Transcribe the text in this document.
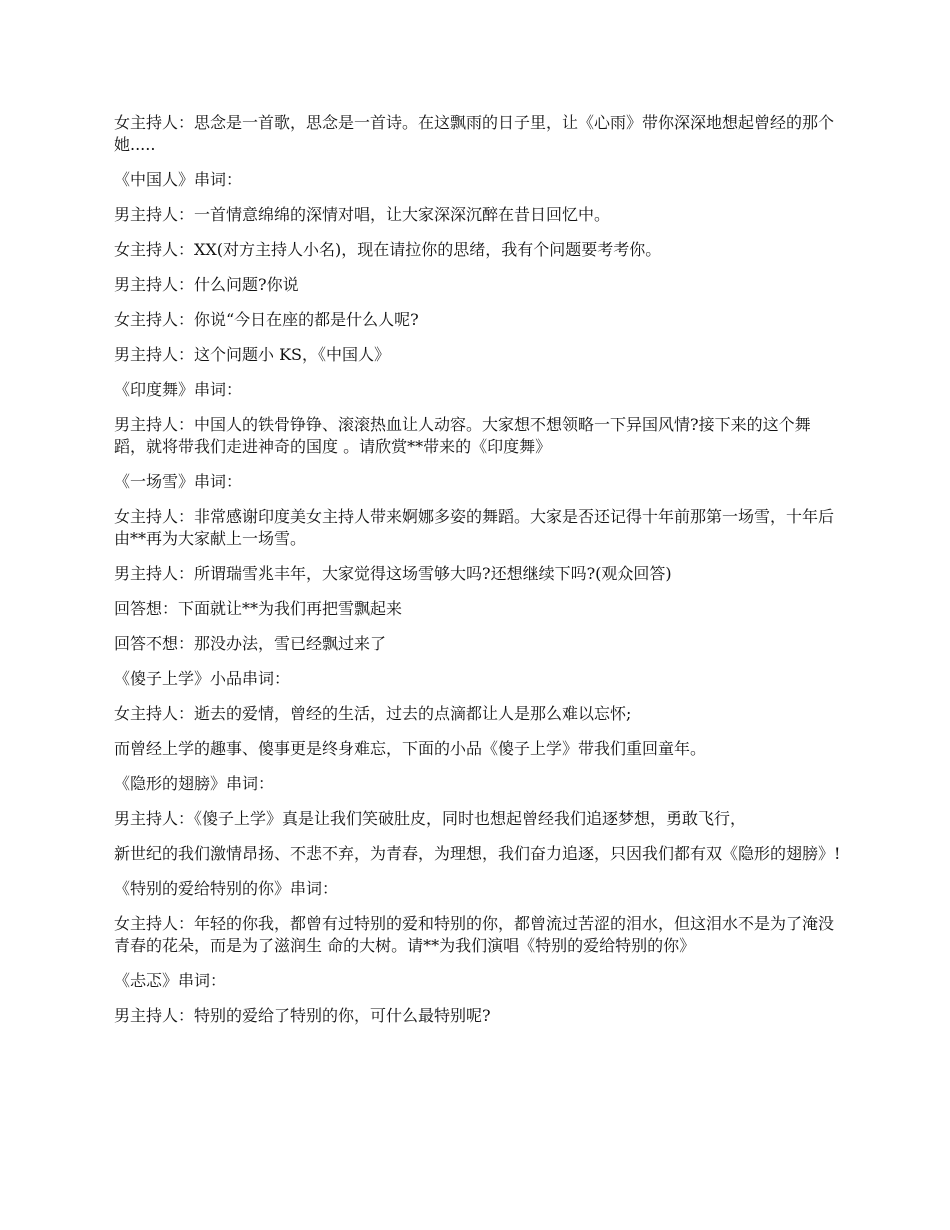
女主持人：思念是一首歌，思念是一首诗。在这飘雨的日子里，让《心雨》带你深深地想起曾经的那个她.....

《中国人》串词：

男主持人：一首情意绵绵的深情对唱，让大家深深沉醉在昔日回忆中。

女主持人：XX(对方主持人小名)，现在请拉你的思绪，我有个问题要考考你。

男主持人：什么问题?你说

女主持人：你说“今日在座的都是什么人呢?

男主持人：这个问题小 KS，《中国人》

《印度舞》串词：

男主持人：中国人的铁骨铮铮、滚滚热血让人动容。大家想不想领略一下异国风情?接下来的这个舞蹈，就将带我们走进神奇的国度 。请欣赏**带来的《印度舞》

《一场雪》串词：

女主持人：非常感谢印度美女主持人带来婀娜多姿的舞蹈。大家是否还记得十年前那第一场雪，十年后由**再为大家献上一场雪。

男主持人：所谓瑞雪兆丰年，大家觉得这场雪够大吗?还想继续下吗?(观众回答)

回答想：下面就让**为我们再把雪飘起来

回答不想：那没办法，雪已经飘过来了

《傻子上学》小品串词：

女主持人：逝去的爱情，曾经的生活，过去的点滴都让人是那么难以忘怀;

而曾经上学的趣事、傻事更是终身难忘，下面的小品《傻子上学》带我们重回童年。

《隐形的翅膀》串词：

男主持人：《傻子上学》真是让我们笑破肚皮，同时也想起曾经我们追逐梦想，勇敢飞行，

新世纪的我们激情昂扬、不悲不弃，为青春，为理想，我们奋力追逐，只因我们都有双《隐形的翅膀》!

《特别的爱给特别的你》串词：

女主持人：年轻的你我，都曾有过特别的爱和特别的你，都曾流过苦涩的泪水，但这泪水不是为了淹没青春的花朵，而是为了滋润生 命的大树。请**为我们演唱《特别的爱给特别的你》

《忐忑》串词：

男主持人：特别的爱给了特别的你，可什么最特别呢?
